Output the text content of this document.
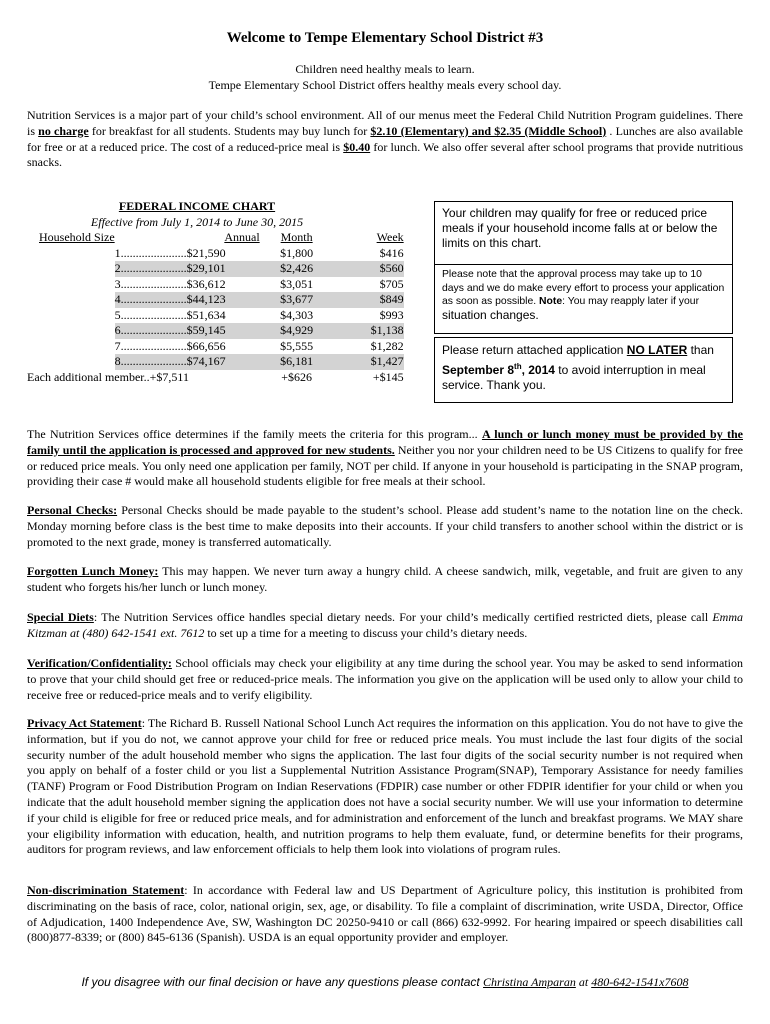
Welcome to Tempe Elementary School District #3
Children need healthy meals to learn.
Tempe Elementary School District offers healthy meals every school day.
Nutrition Services is a major part of your child’s school environment. All of our menus meet the Federal Child Nutrition Program guidelines. There is no charge for breakfast for all students. Students may buy lunch for $2.10 (Elementary) and $2.35 (Middle School) . Lunches are also available for free or at a reduced price. The cost of a reduced-price meal is $0.40 for lunch. We also offer several after school programs that provide nutritious snacks.
FEDERAL INCOME CHART
Effective from July 1, 2014 to June 30, 2015
Household Size	Annual	Month	Week
	1......................$21,590	$1,800	$416
	2......................$29,101	$2,426	$560
	3......................$36,612	$3,051	$705
	4......................$44,123	$3,677	$849
	5......................$51,634	$4,303	$993
	6......................$59,145	$4,929	$1,138
	7......................$66,656	$5,555	$1,282
	8......................$74,167	$6,181	$1,427
Each additional member..+$7,511		+$626	+$145
Your children may qualify for free or reduced price meals if your household income falls at or below the limits on this chart.
Please note that the approval process may take up to 10 days and we do make every effort to process your application as soon as possible. Note: You may reapply later if your situation changes.
Please return attached application NO LATER than September 8th, 2014 to avoid interruption in meal service. Thank you.
The Nutrition Services office determines if the family meets the criteria for this program... A lunch or lunch money must be provided by the family until the application is processed and approved for new students. Neither you nor your children need to be US Citizens to qualify for free or reduced price meals. You only need one application per family, NOT per child. If anyone in your household is participating in the SNAP program, providing their case # would make all household students eligible for free meals at their school.
Personal Checks: Personal Checks should be made payable to the student’s school. Please add student’s name to the notation line on the check. Monday morning before class is the best time to make deposits into their accounts. If your child transfers to another school within the district or is promoted to the next grade, money is transferred automatically.
Forgotten Lunch Money: This may happen. We never turn away a hungry child. A cheese sandwich, milk, vegetable, and fruit are given to any student who forgets his/her lunch or lunch money.
Special Diets: The Nutrition Services office handles special dietary needs. For your child’s medically certified restricted diets, please call Emma Kitzman at (480) 642-1541 ext. 7612 to set up a time for a meeting to discuss your child’s dietary needs.
Verification/Confidentiality: School officials may check your eligibility at any time during the school year. You may be asked to send information to prove that your child should get free or reduced-price meals. The information you give on the application will be used only to allow your child to receive free or reduced-price meals and to verify eligibility.
Privacy Act Statement: The Richard B. Russell National School Lunch Act requires the information on this application. You do not have to give the information, but if you do not, we cannot approve your child for free or reduced price meals. You must include the last four digits of the social security number of the adult household member who signs the application. The last four digits of the social security number is not required when you apply on behalf of a foster child or you list a Supplemental Nutrition Assistance Program(SNAP), Temporary Assistance for needy families (TANF) Program or Food Distribution Program on Indian Reservations (FDPIR) case number or other FDPIR identifier for your child or when you indicate that the adult household member signing the application does not have a social security number. We will use your information to determine if your child is eligible for free or reduced price meals, and for administration and enforcement of the lunch and breakfast programs. We MAY share your eligibility information with education, health, and nutrition programs to help them evaluate, fund, or determine benefits for their programs, auditors for program reviews, and law enforcement officials to help them look into violations of program rules.
Non-discrimination Statement: In accordance with Federal law and US Department of Agriculture policy, this institution is prohibited from discriminating on the basis of race, color, national origin, sex, age, or disability. To file a complaint of discrimination, write USDA, Director, Office of Adjudication, 1400 Independence Ave, SW, Washington DC 20250-9410 or call (866) 632-9992. For hearing impaired or speech disabilities call (800)877-8339; or (800) 845-6136 (Spanish). USDA is an equal opportunity provider and employer.
If you disagree with our final decision or have any questions please contact Christina Amparan at 480-642-1541x7608
